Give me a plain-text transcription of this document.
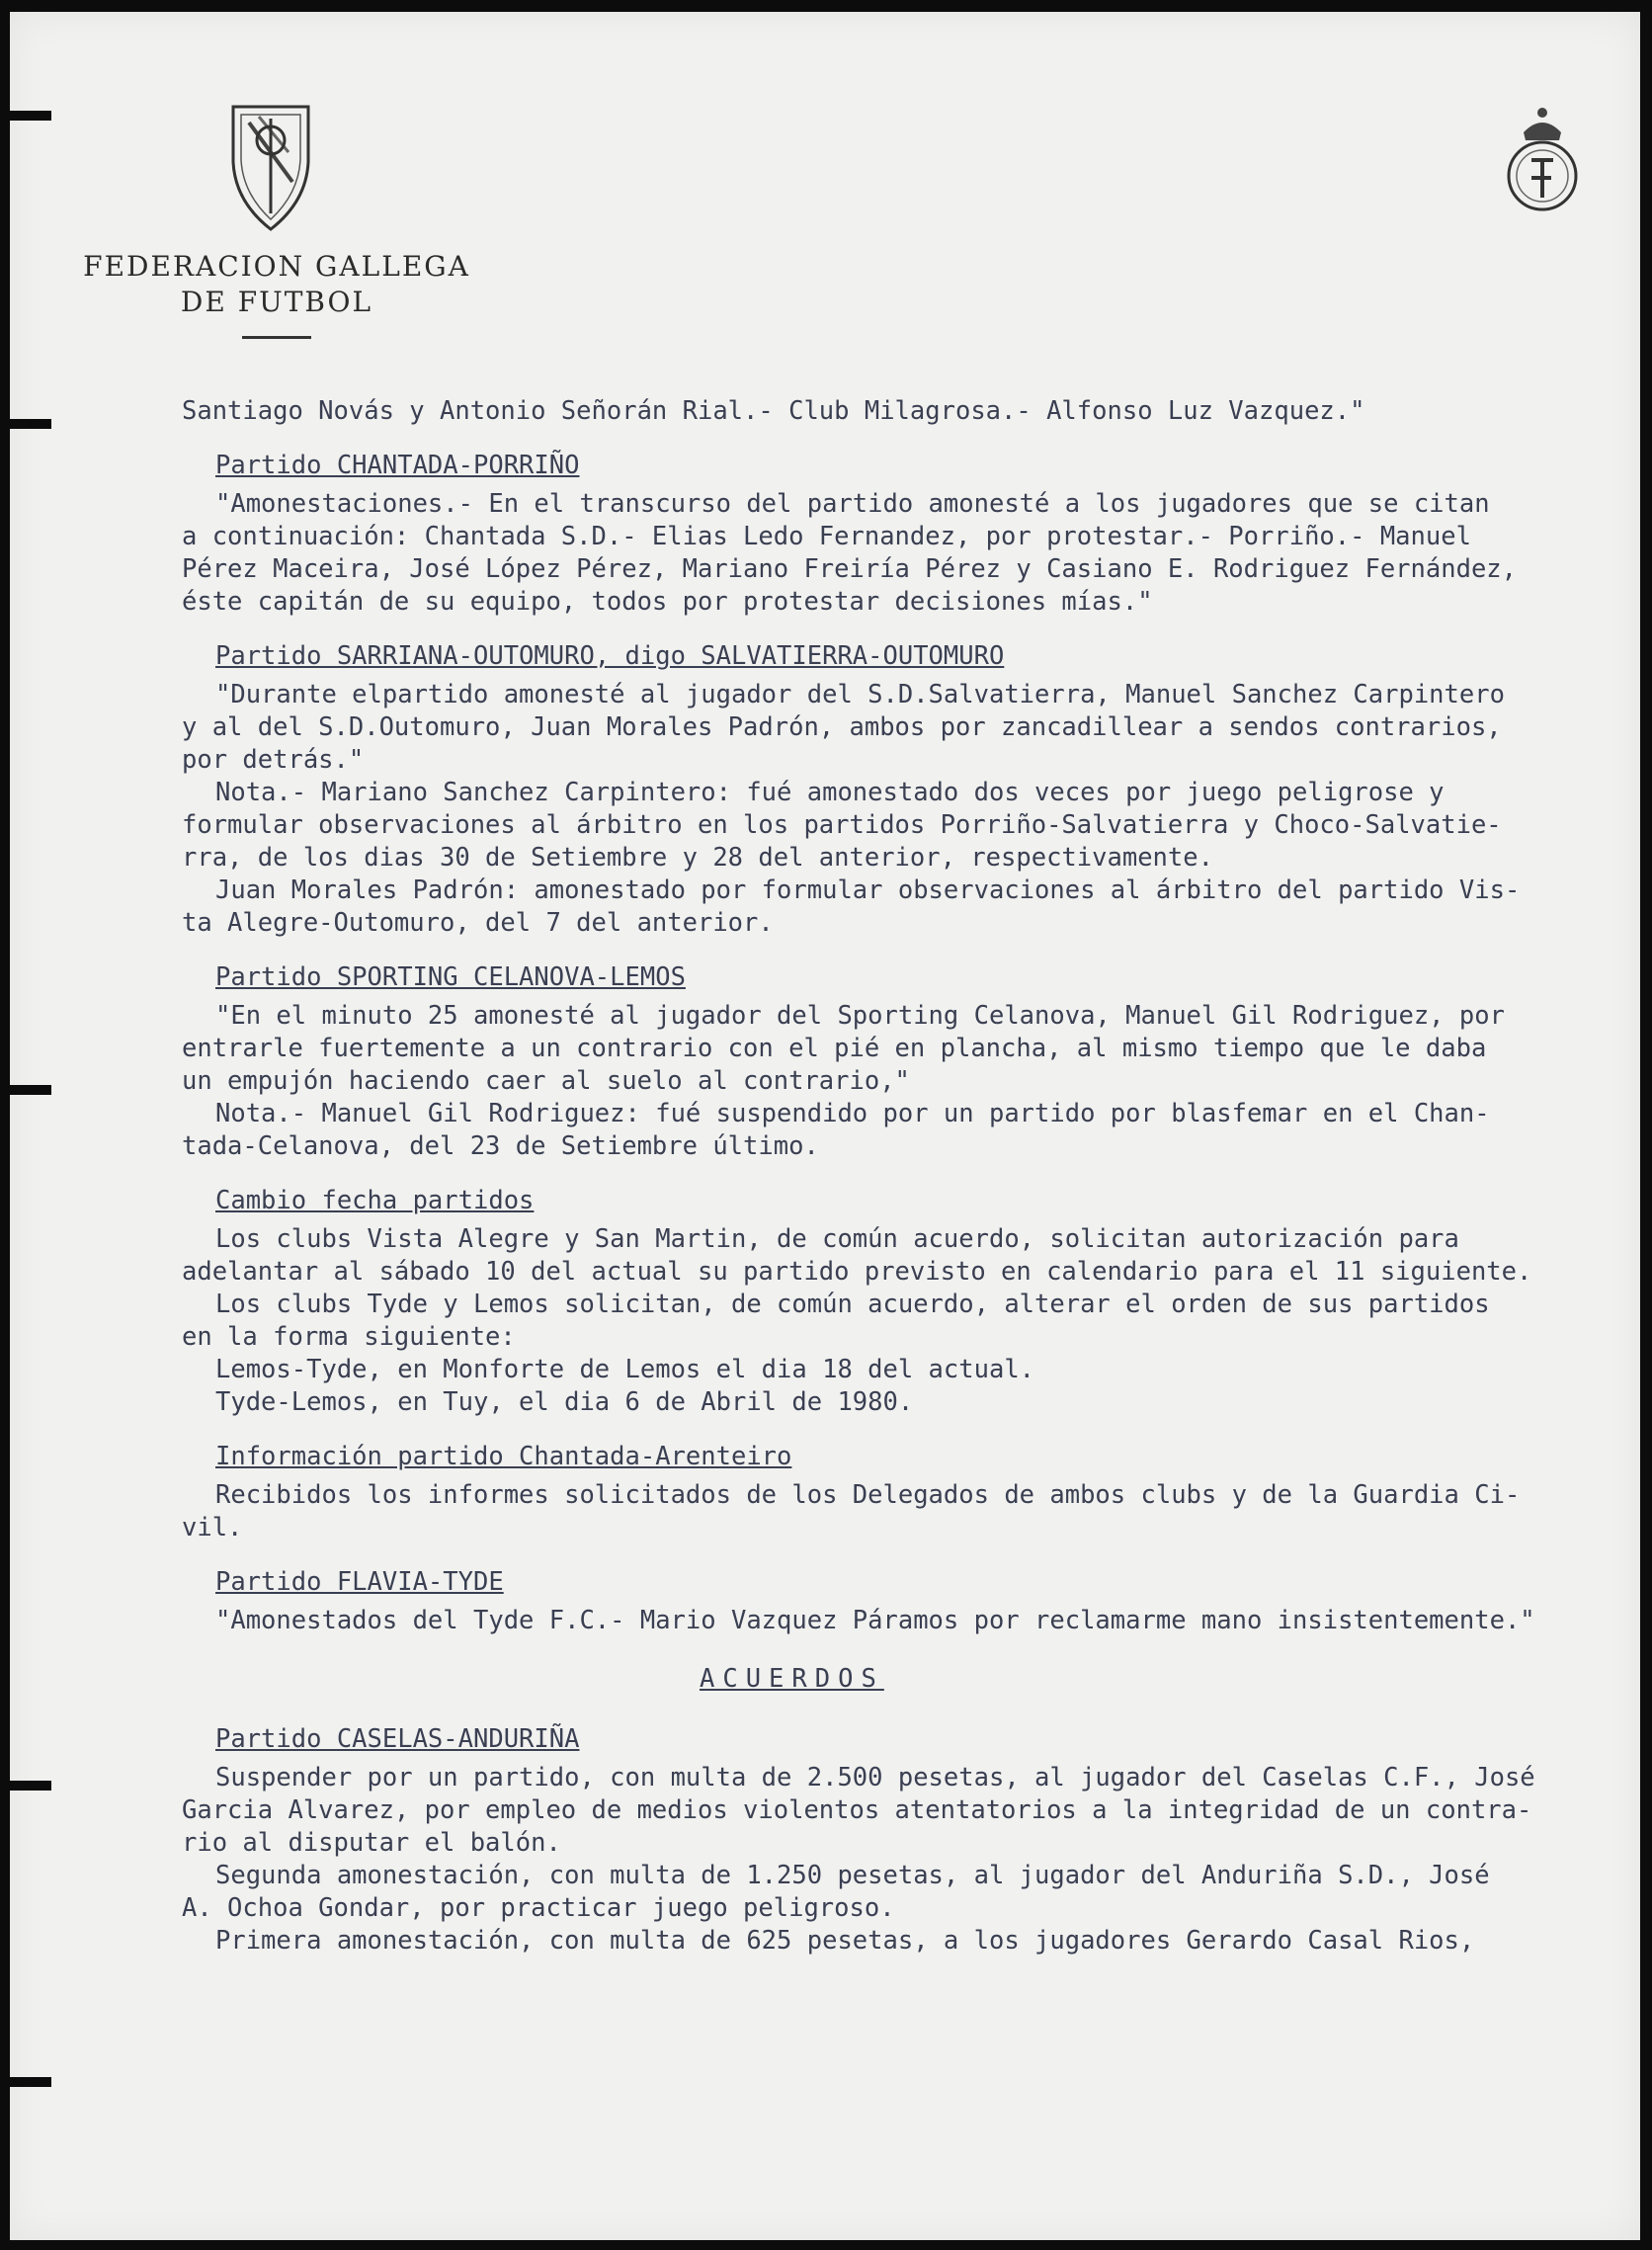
FEDERACION GALLEGA
DE FUTBOL

Santiago Novás y Antonio Señorán Rial.- Club Milagrosa.- Alfonso Luz Vazquez."

Partido CHANTADA-PORRIÑO

"Amonestaciones.- En el transcurso del partido amonesté a los jugadores que se citan

a continuación: Chantada S.D.- Elias Ledo Fernandez, por protestar.- Porriño.- Manuel

Pérez Maceira, José López Pérez, Mariano Freiría Pérez y Casiano E. Rodriguez Fernández,

éste capitán de su equipo, todos por protestar decisiones mías."

Partido SARRIANA-OUTOMURO, digo SALVATIERRA-OUTOMURO

"Durante elpartido amonesté al jugador del S.D.Salvatierra, Manuel Sanchez Carpintero

y al del S.D.Outomuro, Juan Morales Padrón, ambos por zancadillear a sendos contrarios,

por detrás."

Nota.- Mariano Sanchez Carpintero: fué amonestado dos veces por juego peligrose y

formular observaciones al árbitro en los partidos Porriño-Salvatierra y Choco-Salvatie-

rra, de los dias 30 de Setiembre y 28 del anterior, respectivamente.

Juan Morales Padrón: amonestado por formular observaciones al árbitro del partido Vis-

ta Alegre-Outomuro, del 7 del anterior.

Partido SPORTING CELANOVA-LEMOS

"En el minuto 25 amonesté al jugador del Sporting Celanova, Manuel Gil Rodriguez, por

entrarle fuertemente a un contrario con el pié en plancha, al mismo tiempo que le daba

un empujón haciendo caer al suelo al contrario,"

Nota.- Manuel Gil Rodriguez: fué suspendido por un partido por blasfemar en el Chan-

tada-Celanova, del 23 de Setiembre último.

Cambio fecha partidos

Los clubs Vista Alegre y San Martin, de común acuerdo, solicitan autorización para

adelantar al sábado 10 del actual su partido previsto en calendario para el 11 siguiente.

Los clubs Tyde y Lemos solicitan, de común acuerdo, alterar el orden de sus partidos

en la forma siguiente:

Lemos-Tyde, en Monforte de Lemos el dia 18 del actual.

Tyde-Lemos, en Tuy, el dia 6 de Abril de 1980.

Información partido Chantada-Arenteiro

Recibidos los informes solicitados de los Delegados de ambos clubs y de la Guardia Ci-

vil.

Partido FLAVIA-TYDE

"Amonestados del Tyde F.C.- Mario Vazquez Páramos por reclamarme mano insistentemente."

ACUERDOS

Partido CASELAS-ANDURIÑA

Suspender por un partido, con multa de 2.500 pesetas, al jugador del Caselas C.F., José

Garcia Alvarez, por empleo de medios violentos atentatorios a la integridad de un contra-

rio al disputar el balón.

Segunda amonestación, con multa de 1.250 pesetas, al jugador del Anduriña S.D., José

A. Ochoa Gondar, por practicar juego peligroso.

Primera amonestación, con multa de 625 pesetas, a los jugadores Gerardo Casal Rios,
